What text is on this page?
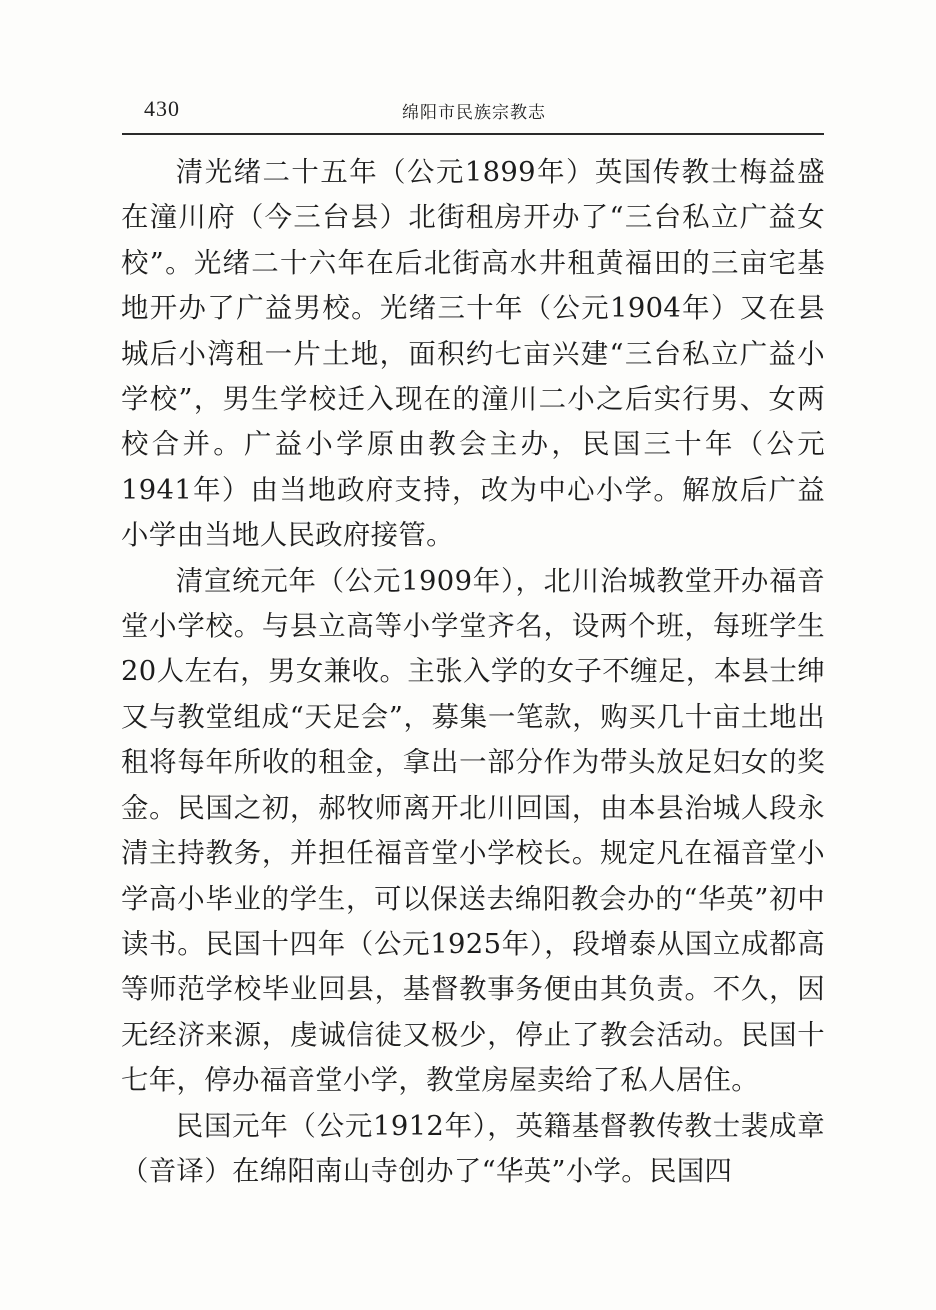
430	绵阳市民族宗教志

清光绪二十五年（公元1899年）英国传教士梅益盛在潼川府（今三台县）北街租房开办了“三台私立广益女校”。光绪二十六年在后北街高水井租黄福田的三亩宅基地开办了广益男校。光绪三十年（公元1904年）又在县城后小湾租一片土地，面积约七亩兴建“三台私立广益小学校”，男生学校迁入现在的潼川二小之后实行男、女两校合并。广益小学原由教会主办，民国三十年（公元1941年）由当地政府支持，改为中心小学。解放后广益小学由当地人民政府接管。

清宣统元年（公元1909年），北川治城教堂开办福音堂小学校。与县立高等小学堂齐名，设两个班，每班学生20人左右，男女兼收。主张入学的女子不缠足，本县士绅又与教堂组成“天足会”，募集一笔款，购买几十亩土地出租将每年所收的租金，拿出一部分作为带头放足妇女的奖金。民国之初，郝牧师离开北川回国，由本县治城人段永清主持教务，并担任福音堂小学校长。规定凡在福音堂小学高小毕业的学生，可以保送去绵阳教会办的“华英”初中读书。民国十四年（公元1925年），段增泰从国立成都高等师范学校毕业回县，基督教事务便由其负责。不久，因无经济来源，虔诚信徒又极少，停止了教会活动。民国十七年，停办福音堂小学，教堂房屋卖给了私人居住。

民国元年（公元1912年），英籍基督教传教士裴成章（音译）在绵阳南山寺创办了“华英”小学。民国四
